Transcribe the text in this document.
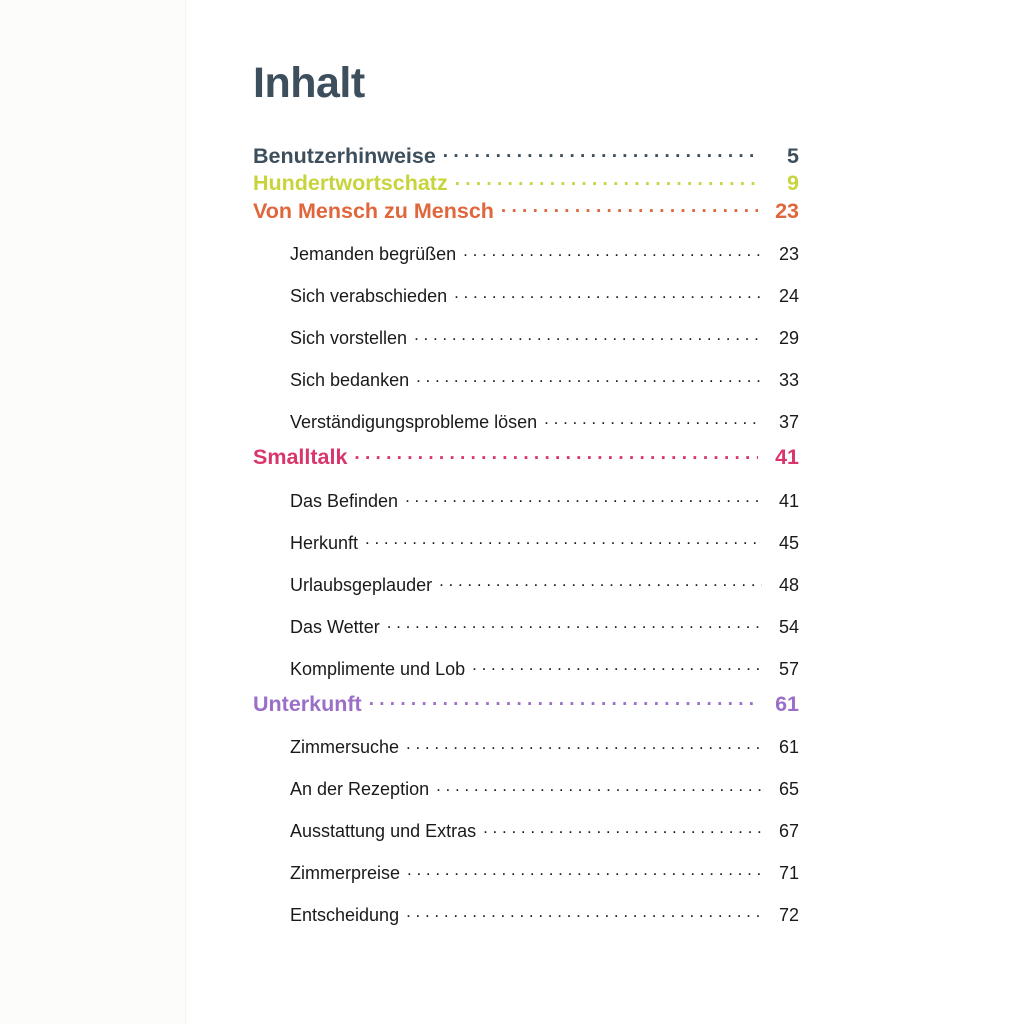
Inhalt
Benutzerhinweise . . .	5
Hundertwortschatz . . .	9
Von Mensch zu Mensch . . .	23
Jemanden begrüßen . . .	23
Sich verabschieden . . .	24
Sich vorstellen . . .	29
Sich bedanken . . .	33
Verständigungsprobleme lösen . . .	37
Smalltalk . . .	41
Das Befinden . . .	41
Herkunft . . .	45
Urlaubsgeplauder . . .	48
Das Wetter . . .	54
Komplimente und Lob . . .	57
Unterkunft . . .	61
Zimmersuche . . .	61
An der Rezeption . . .	65
Ausstattung und Extras . . .	67
Zimmerpreise . . .	71
Entscheidung . . .	72
